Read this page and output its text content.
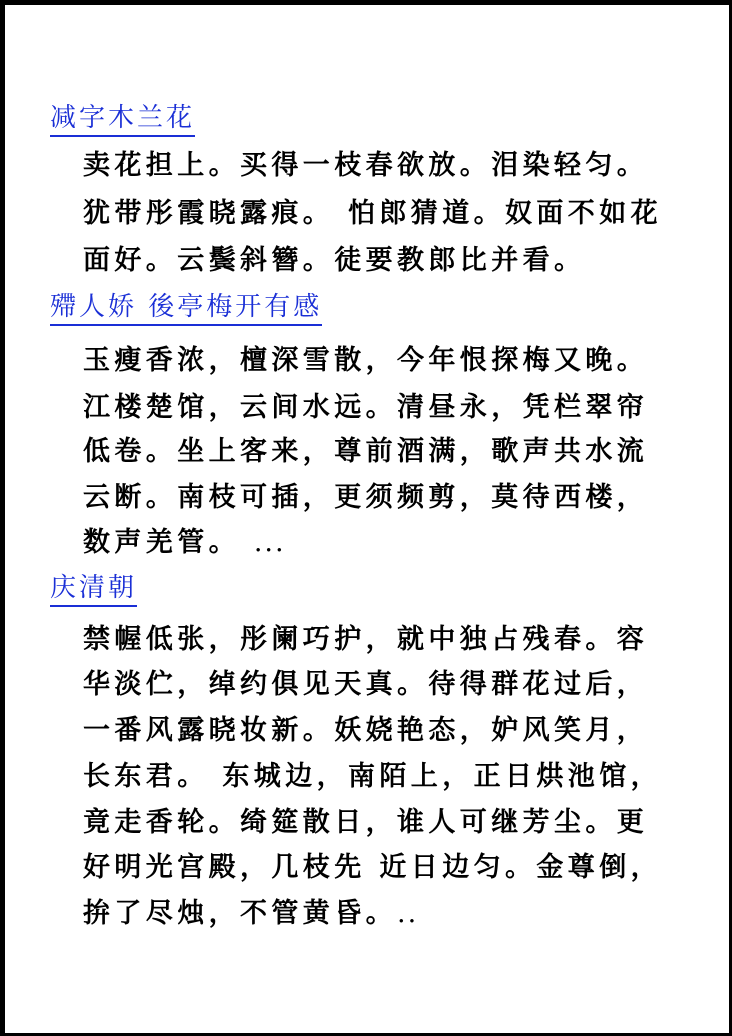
减字木兰花
卖花担上。买得一枝春欲放。泪染轻匀。
犹带彤霞晓露痕。 怕郎猜道。奴面不如花
面好。云鬓斜簪。徒要教郎比并看。
殢人娇 後亭梅开有感
玉瘦香浓，檀深雪散，今年恨探梅又晚。
江楼楚馆，云间水远。清昼永，凭栏翠帘
低卷。坐上客来，尊前酒满，歌声共水流
云断。南枝可插，更须频剪，莫待西楼，
数声羌管。 ...
庆清朝
禁幄低张，彤阑巧护，就中独占残春。容
华淡伫，绰约俱见天真。待得群花过后，
一番风露晓妆新。妖娆艳态，妒风笑月，
长东君。 东城边，南陌上，正日烘池馆，
竟走香轮。绮筵散日，谁人可继芳尘。更
好明光宫殿，几枝先 近日边匀。金尊倒，
拚了尽烛，不管黄昏。..
